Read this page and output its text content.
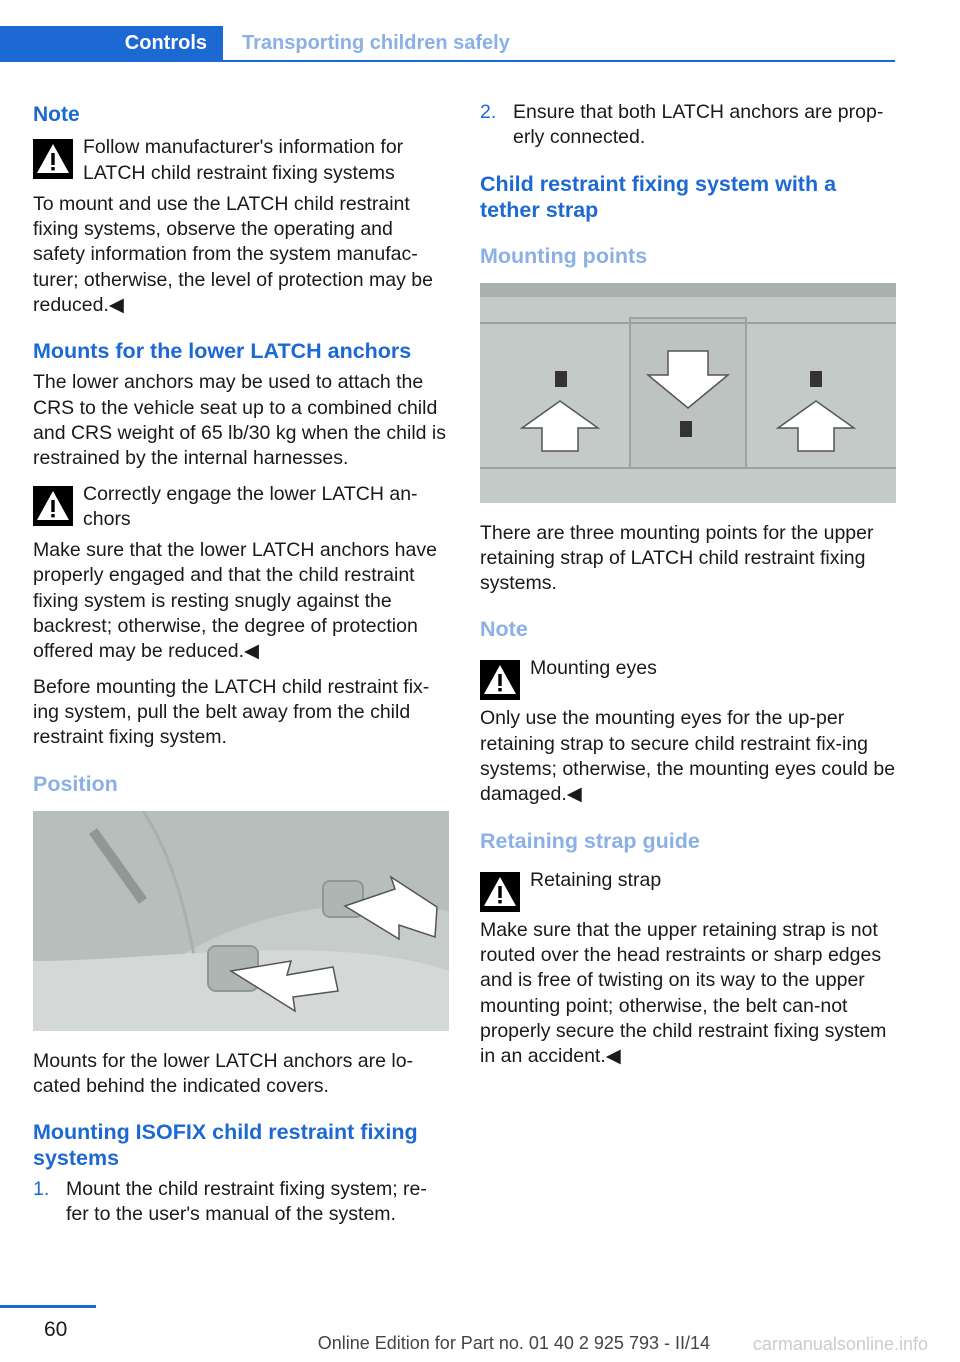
Controls	Transporting children safely
Note
Follow manufacturer's information for LATCH child restraint fixing systems

To mount and use the LATCH child restraint fixing systems, observe the operating and safety information from the system manufac-turer; otherwise, the level of protection may be reduced.◀

Mounts for the lower LATCH anchors

The lower anchors may be used to attach the CRS to the vehicle seat up to a combined child and CRS weight of 65 lb/30 kg when the child is restrained by the internal harnesses.

Correctly engage the lower LATCH an-chors

Make sure that the lower LATCH anchors have properly engaged and that the child restraint fixing system is resting snugly against the backrest; otherwise, the degree of protection offered may be reduced.◀

Before mounting the LATCH child restraint fix-ing system, pull the belt away from the child restraint fixing system.

Position

Mounts for the lower LATCH anchors are lo-cated behind the indicated covers.

Mounting ISOFIX child restraint fixing systems
1. Mount the child restraint fixing system; re-fer to the user's manual of the system.
2. Ensure that both LATCH anchors are prop-erly connected.
Child restraint fixing system with a tether strap
Mounting points

There are three mounting points for the upper retaining strap of LATCH child restraint fixing systems.

Note
Mounting eyes

Only use the mounting eyes for the up-per retaining strap to secure child restraint fix-ing systems; otherwise, the mounting eyes could be damaged.◀

Retaining strap guide
Retaining strap

Make sure that the upper retaining strap is not routed over the head restraints or sharp edges and is free of twisting on its way to the upper mounting point; otherwise, the belt can-not properly secure the child restraint fixing system in an accident.◀

60
carmanualsonline.info
Online Edition for Part no. 01 40 2 925 793 - II/14
